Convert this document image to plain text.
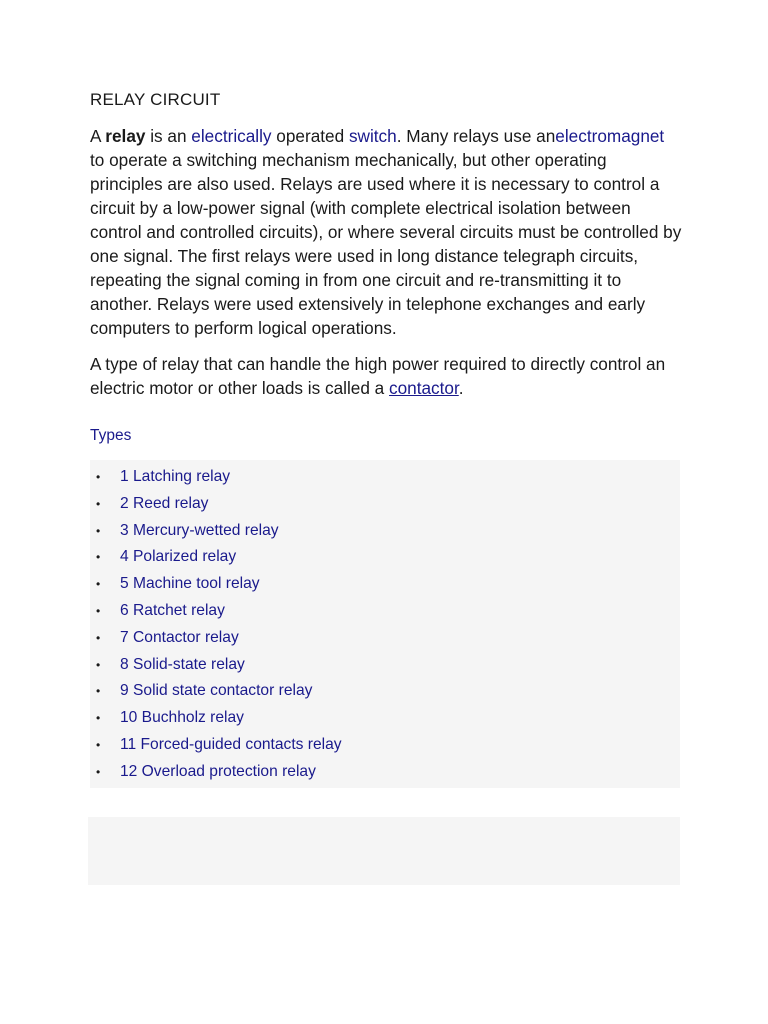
RELAY CIRCUIT

A relay is an electrically operated switch. Many relays use anelectromagnet to operate a switching mechanism mechanically, but other operating principles are also used. Relays are used where it is necessary to control a circuit by a low-power signal (with complete electrical isolation between control and controlled circuits), or where several circuits must be controlled by one signal. The first relays were used in long distance telegraph circuits, repeating the signal coming in from one circuit and re-transmitting it to another. Relays were used extensively in telephone exchanges and early computers to perform logical operations.

A type of relay that can handle the high power required to directly control an electric motor or other loads is called a contactor.

Types
• 1 Latching relay
• 2 Reed relay
• 3 Mercury-wetted relay
• 4 Polarized relay
• 5 Machine tool relay
• 6 Ratchet relay
• 7 Contactor relay
• 8 Solid-state relay
• 9 Solid state contactor relay
• 10 Buchholz relay
• 11 Forced-guided contacts relay
• 12 Overload protection relay
